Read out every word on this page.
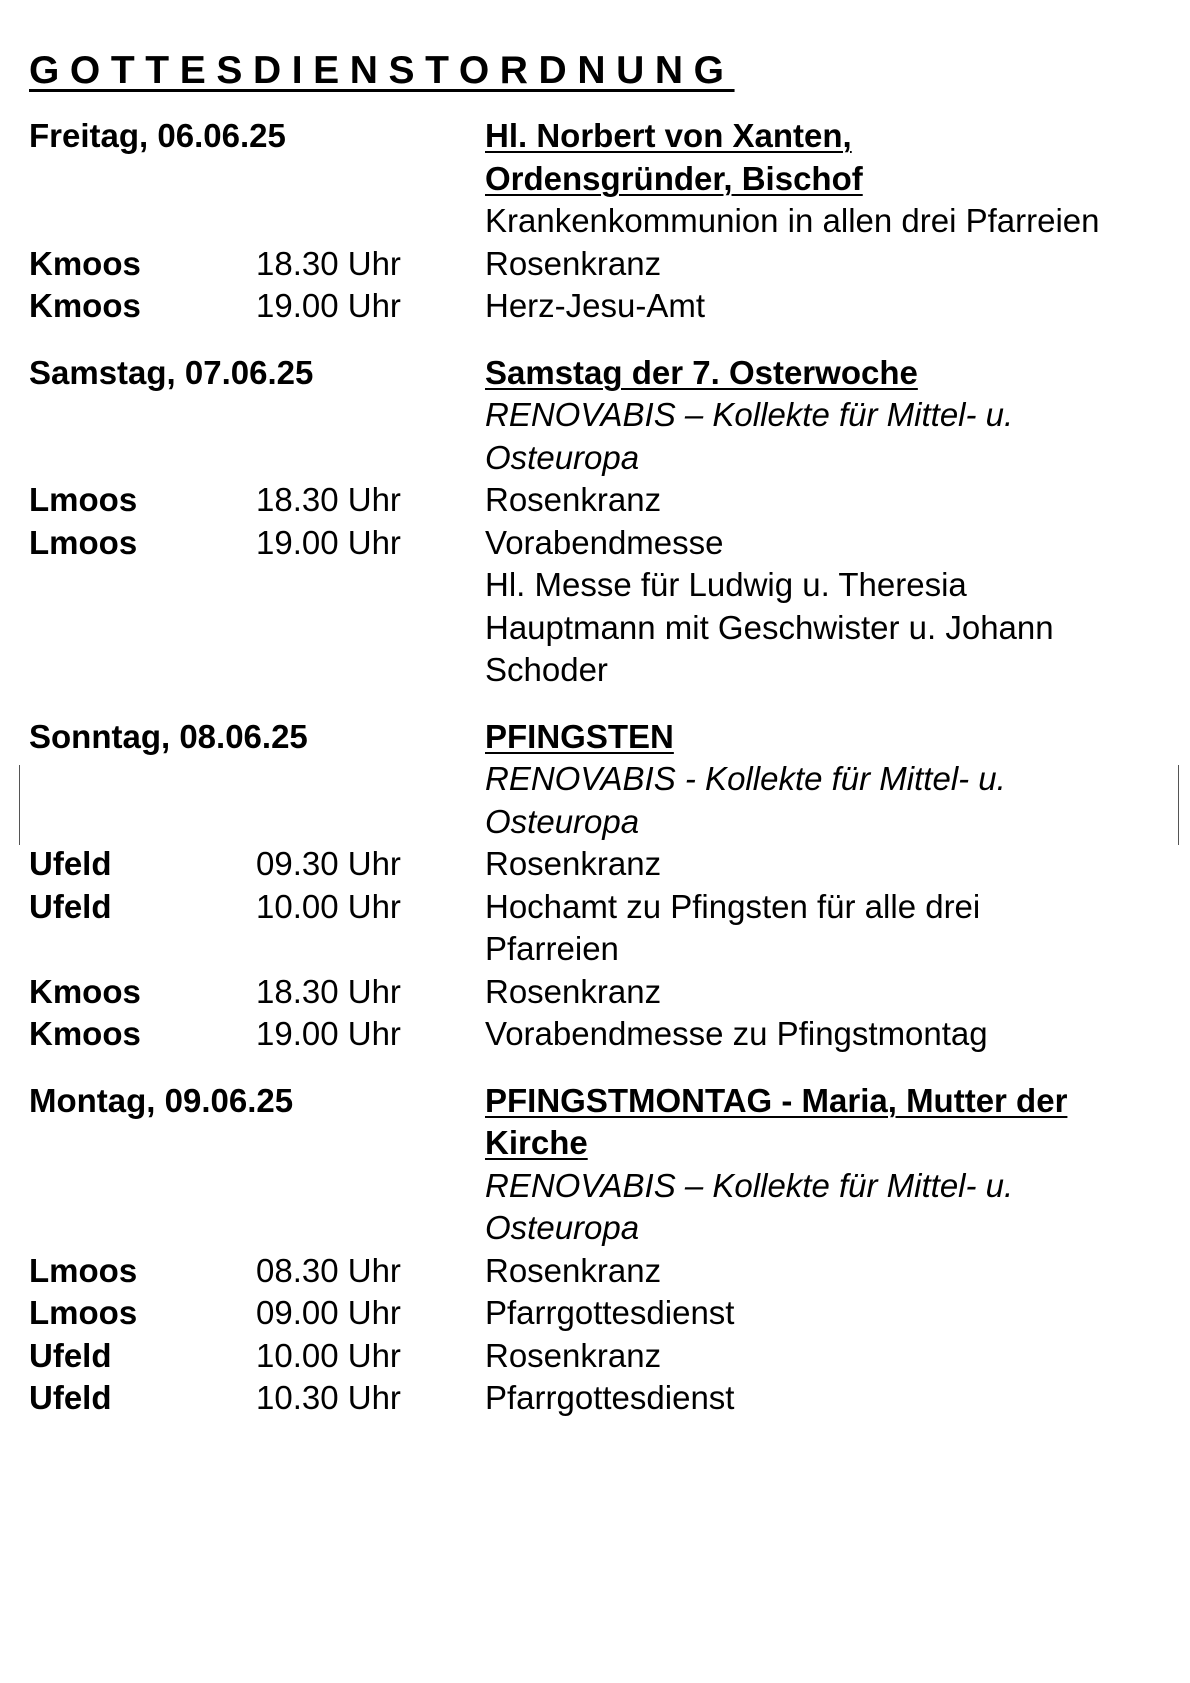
GOTTESDIENSTORDNUNG
Freitag, 06.06.25	Hl. Norbert von Xanten,
Ordensgründer, Bischof
Krankenkommunion in allen drei Pfarreien
Kmoos	18.30 Uhr	Rosenkranz
Kmoos	19.00 Uhr	Herz-Jesu-Amt
Samstag, 07.06.25	Samstag der 7. Osterwoche
RENOVABIS – Kollekte für Mittel- u.
Osteuropa
Lmoos	18.30 Uhr	Rosenkranz
Lmoos	19.00 Uhr	Vorabendmesse
Hl. Messe für Ludwig u. Theresia
Hauptmann mit Geschwister u. Johann
Schoder
Sonntag, 08.06.25	PFINGSTEN
RENOVABIS - Kollekte für Mittel- u.
Osteuropa
Ufeld	09.30 Uhr	Rosenkranz
Ufeld	10.00 Uhr	Hochamt zu Pfingsten für alle drei
Pfarreien
Kmoos	18.30 Uhr	Rosenkranz
Kmoos	19.00 Uhr	Vorabendmesse zu Pfingstmontag
Montag, 09.06.25	PFINGSTMONTAG - Maria, Mutter der
Kirche
RENOVABIS – Kollekte für Mittel- u.
Osteuropa
Lmoos	08.30 Uhr	Rosenkranz
Lmoos	09.00 Uhr	Pfarrgottesdienst
Ufeld	10.00 Uhr	Rosenkranz
Ufeld	10.30 Uhr	Pfarrgottesdienst
